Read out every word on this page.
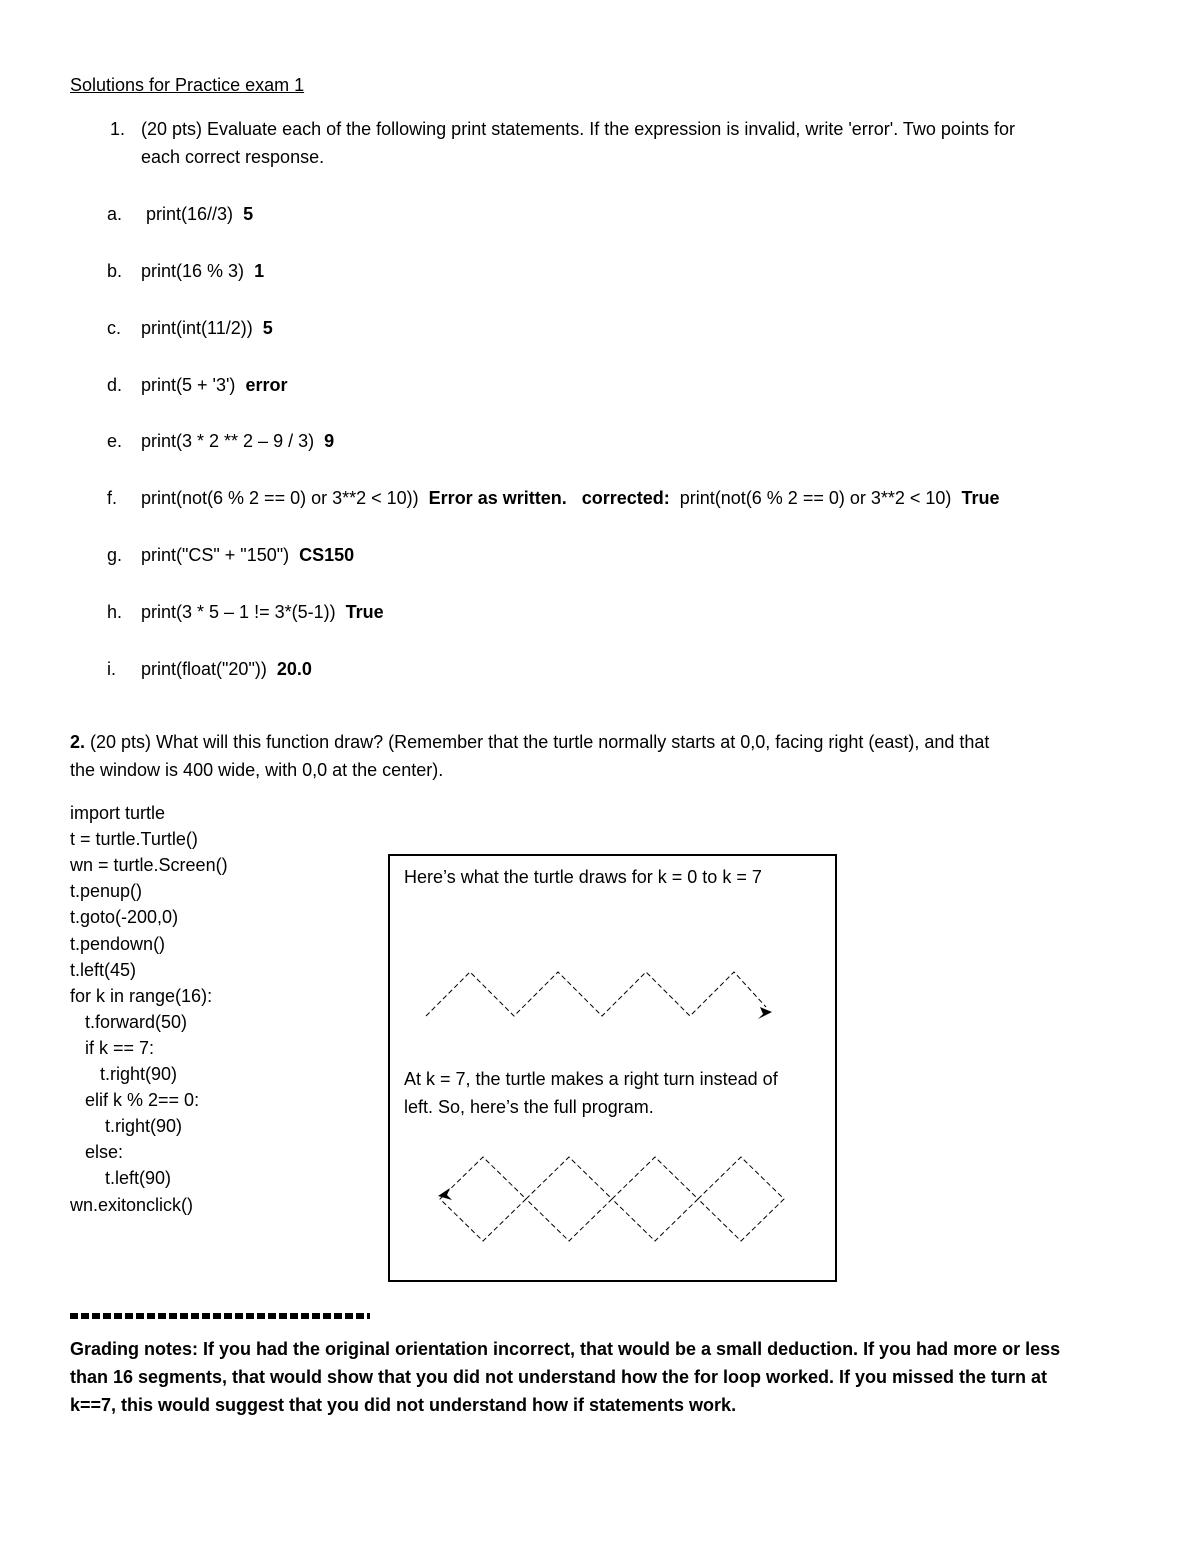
Solutions for Practice exam 1
1. (20 pts) Evaluate each of the following print statements. If the expression is invalid, write 'error'. Two points for
each correct response.
a. print(16//3) 5
b. print(16 % 3) 1
c. print(int(11/2)) 5
d. print(5 + '3') error
e. print(3 * 2 ** 2 – 9 / 3) 9
f. print(not(6 % 2 == 0) or 3**2 < 10)) Error as written.   corrected: print(not(6 % 2 == 0) or 3**2 < 10) True
g. print("CS" + "150") CS150
h. print(3 * 5 – 1 != 3*(5-1)) True
i. print(float("20")) 20.0
2. (20 pts) What will this function draw? (Remember that the turtle normally starts at 0,0, facing right (east), and that
the window is 400 wide, with 0,0 at the center).
import turtle
t = turtle.Turtle()
wn = turtle.Screen()
t.penup()
t.goto(-200,0)
t.pendown()
t.left(45)
for k in range(16):
t.forward(50)
if k == 7:
t.right(90)
elif k % 2== 0:
t.right(90)
else:
t.left(90)
wn.exitonclick()
Here’s what the turtle draws for k = 0 to k = 7
At k = 7, the turtle makes a right turn instead of
left. So, here’s the full program.
Grading notes: If you had the original orientation incorrect, that would be a small deduction. If you had more or less
than 16 segments, that would show that you did not understand how the for loop worked. If you missed the turn at
k==7, this would suggest that you did not understand how if statements work.
